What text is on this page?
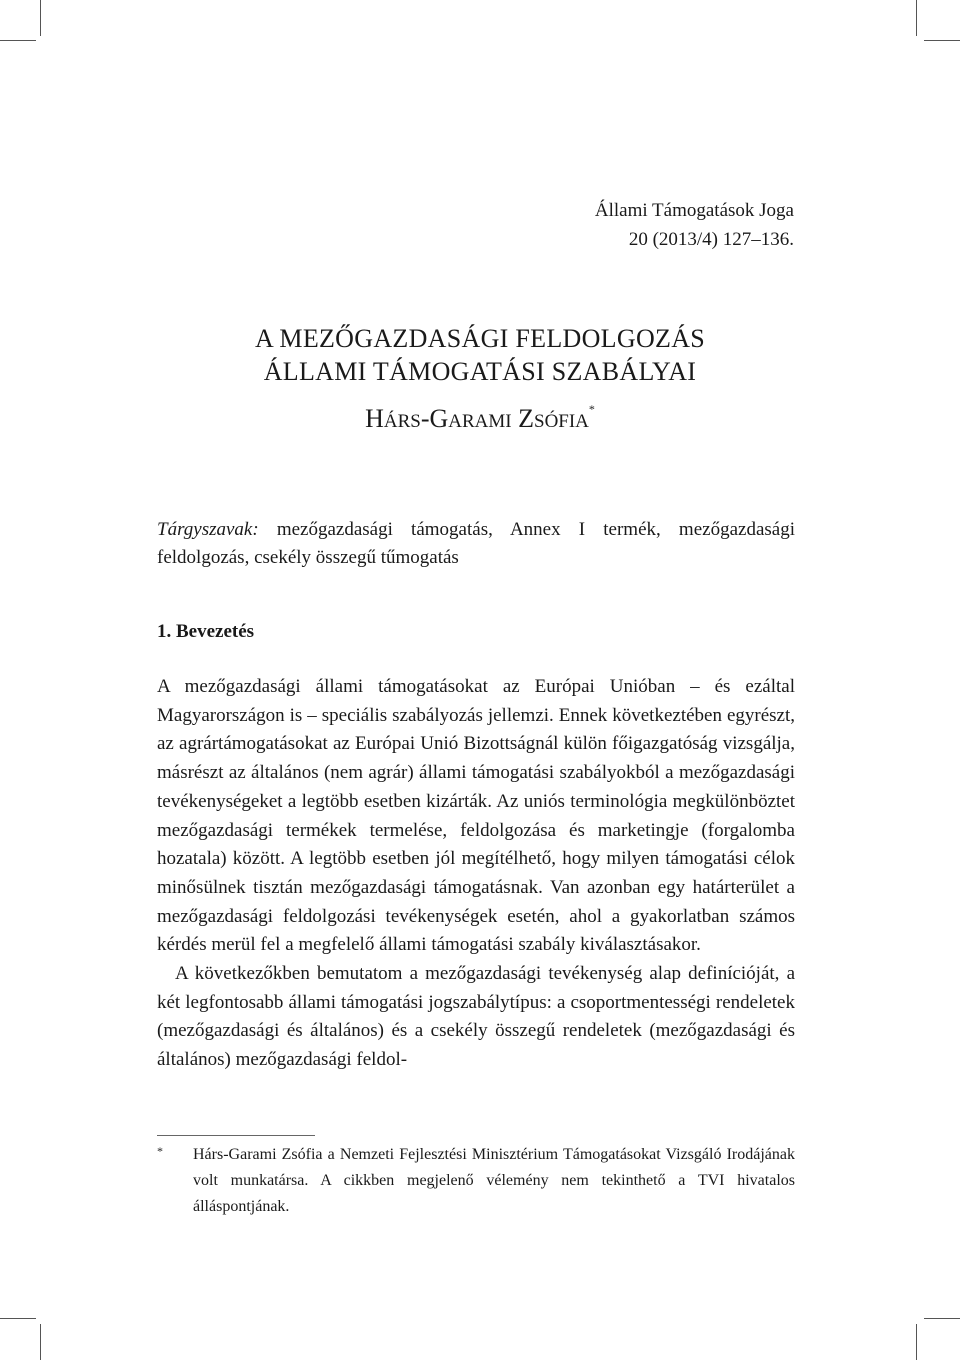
Állami Támogatások Joga
20 (2013/4) 127–136.
A MEZŐGAZDASÁGI FELDOLGOZÁS
ÁLLAMI TÁMOGATÁSI SZABÁLYAI
HÁRS-GARAMI ZSÓFIA*

Tárgyszavak: mezőgazdasági támogatás, Annex I termék, mezőgazdasági feldolgozás, csekély összegű tűmogatás

1. Bevezetés

A mezőgazdasági állami támogatásokat az Európai Unióban – és ezáltal Magyarországon is – speciális szabályozás jellemzi. Ennek következtében egyrészt, az agrártámogatásokat az Európai Unió Bizottságnál külön főigazgatóság vizsgálja, másrészt az általános (nem agrár) állami támogatási szabályokból a mezőgazdasági tevékenységeket a legtöbb esetben kizárták. Az uniós terminológia megkülönböztet mezőgazdasági termékek termelése, feldolgozása és marketingje (forgalomba hozatala) között. A legtöbb esetben jól megítélhető, hogy milyen támogatási célok minősülnek tisztán mezőgazdasági támogatásnak. Van azonban egy határterület a mezőgazdasági feldolgozási tevékenységek esetén, ahol a gyakorlatban számos kérdés merül fel a megfelelő állami támogatási szabály kiválasztásakor.

A következőkben bemutatom a mezőgazdasági tevékenység alap definícióját, a két legfontosabb állami támogatási jogszabálytípus: a csoportmentességi rendeletek (mezőgazdasági és általános) és a csekély összegű rendeletek (mezőgazdasági és általános) mezőgazdasági feldol-

* Hárs-Garami Zsófia a Nemzeti Fejlesztési Minisztérium Támogatásokat Vizsgáló Irodájának volt munkatársa. A cikkben megjelenő vélemény nem tekinthető a TVI hivatalos álláspontjának.
